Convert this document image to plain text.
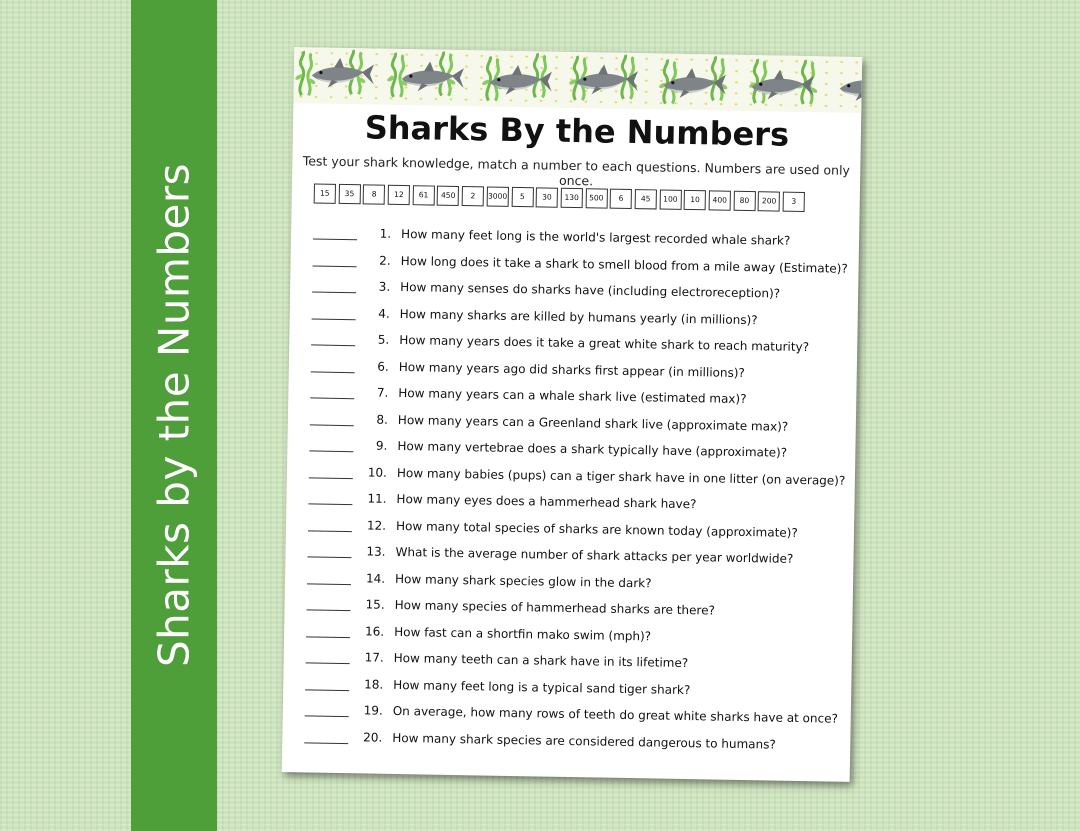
Sharks by the Numbers
Sharks By the Numbers
Test your shark knowledge, match a number to each questions. Numbers are used only once.
15	35	8	12	61	450	2	3000	5	30	130	500	6	45	100	10	400	80	200	3
1. How many feet long is the world's largest recorded whale shark?
2. How long does it take a shark to smell blood from a mile away (Estimate)?
3. How many senses do sharks have (including electroreception)?
4. How many sharks are killed by humans yearly (in millions)?
5. How many years does it take a great white shark to reach maturity?
6. How many years ago did sharks first appear (in millions)?
7. How many years can a whale shark live (estimated max)?
8. How many years can a Greenland shark live (approximate max)?
9. How many vertebrae does a shark typically have (approximate)?
10. How many babies (pups) can a tiger shark have in one litter (on average)?
11. How many eyes does a hammerhead shark have?
12. How many total species of sharks are known today (approximate)?
13. What is the average number of shark attacks per year worldwide?
14. How many shark species glow in the dark?
15. How many species of hammerhead sharks are there?
16. How fast can a shortfin mako swim (mph)?
17. How many teeth can a shark have in its lifetime?
18. How many feet long is a typical sand tiger shark?
19. On average, how many rows of teeth do great white sharks have at once?
20. How many shark species are considered dangerous to humans?
